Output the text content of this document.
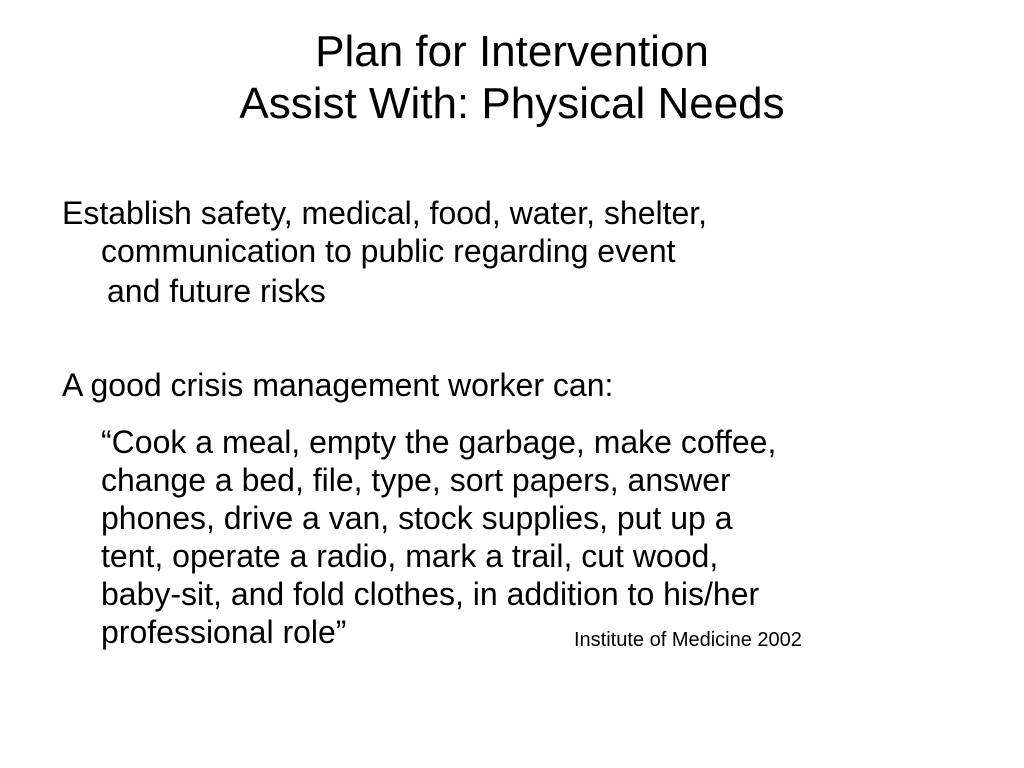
Plan for Intervention
Assist With: Physical Needs
Establish safety, medical, food, water, shelter,
communication to public regarding event
and future risks
A good crisis management worker can:
“Cook a meal, empty the garbage, make coffee,
change a bed, file, type, sort papers, answer
phones, drive a van, stock supplies, put up a
tent, operate a radio, mark a trail, cut wood,
baby-sit, and fold clothes, in addition to his/her
professional role”	Institute of Medicine 2002
